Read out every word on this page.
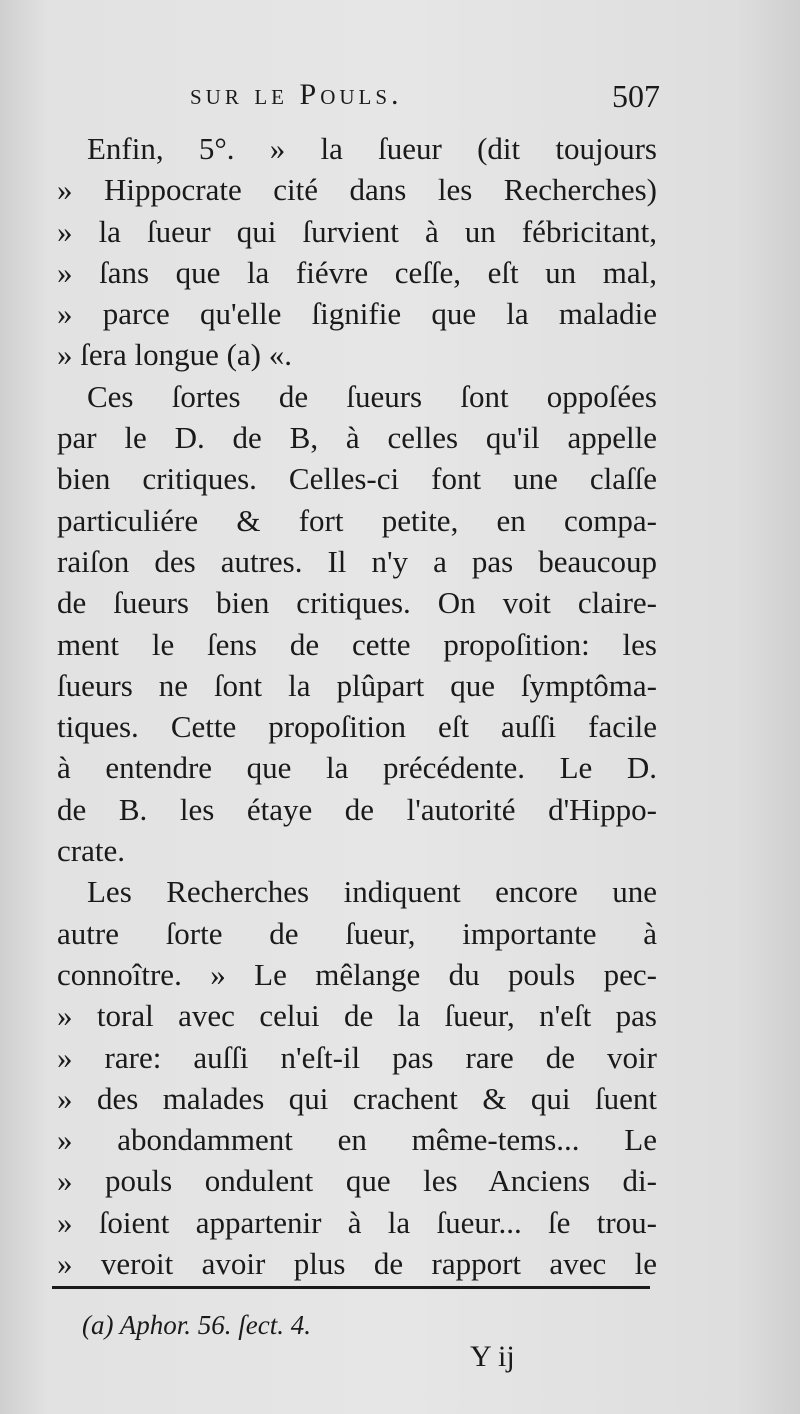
sur le Pouls.	507
Enfin, 5°. » la ſueur (dit toujours
» Hippocrate cité dans les Recherches)
» la ſueur qui ſurvient à un fébricitant,
» ſans que la fiévre ceſſe, eſt un mal,
» parce qu'elle ſignifie que la maladie
» ſera longue (a) «.
Ces ſortes de ſueurs ſont oppoſées
par le D. de B, à celles qu'il appelle
bien critiques. Celles-ci font une claſſe
particuliére & fort petite, en compa-
raiſon des autres. Il n'y a pas beaucoup
de ſueurs bien critiques. On voit claire-
ment le ſens de cette propoſition: les
ſueurs ne ſont la plûpart que ſymptôma-
tiques. Cette propoſition eſt auſſi facile
à entendre que la précédente. Le D.
de B. les étaye de l'autorité d'Hippo-
crate.
Les Recherches indiquent encore une
autre ſorte de ſueur, importante à
connoître. » Le mêlange du pouls pec-
» toral avec celui de la ſueur, n'eſt pas
» rare: auſſi n'eſt-il pas rare de voir
» des malades qui crachent & qui ſuent
» abondamment en même-tems... Le
» pouls ondulent que les Anciens di-
» ſoient appartenir à la ſueur... ſe trou-
» veroit avoir plus de rapport avec le
(a) Aphor. 56. ſect. 4.
Y ij
